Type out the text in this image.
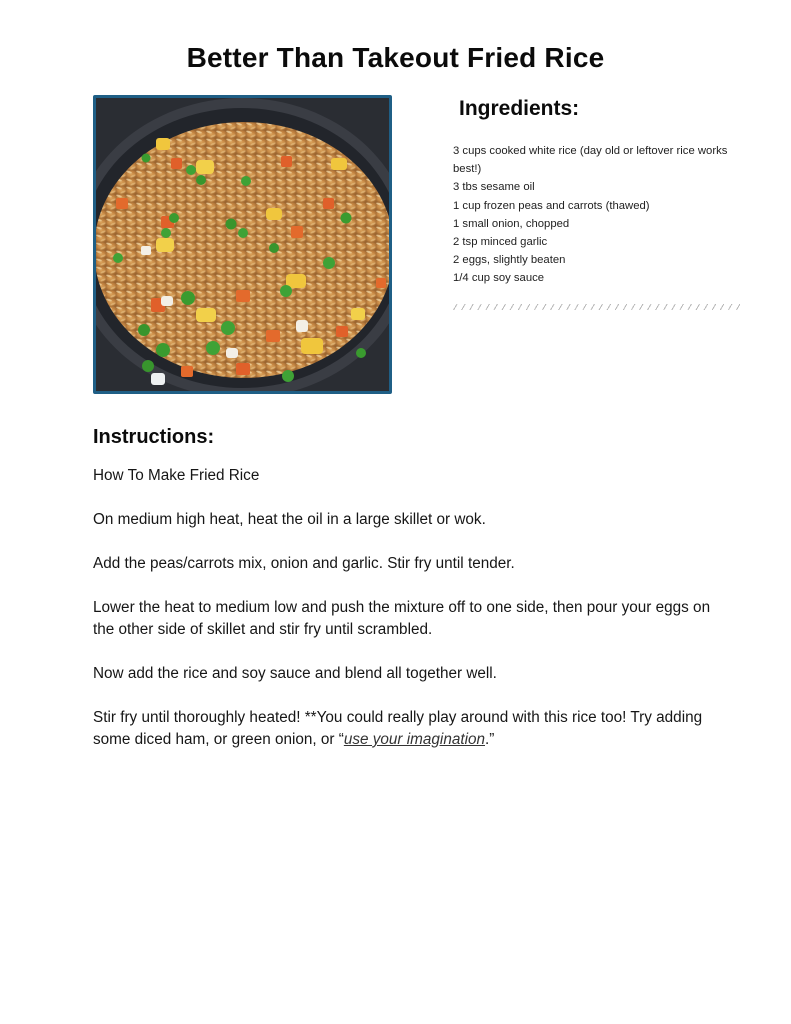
Better Than Takeout Fried Rice
Ingredients:
3 cups cooked white rice (day old or leftover rice works best!)
3 tbs sesame oil
1 cup frozen peas and carrots (thawed)
1 small onion, chopped
2 tsp minced garlic
2 eggs, slightly beaten
1/4 cup soy sauce
Instructions:

How To Make Fried Rice

On medium high heat, heat the oil in a large skillet or wok.

Add the peas/carrots mix, onion and garlic. Stir fry until tender.

Lower the heat to medium low and push the mixture off to one side, then pour your eggs on the other side of skillet and stir fry until scrambled.

Now add the rice and soy sauce and blend all together well.

Stir fry until thoroughly heated! **You could really play around with this rice too! Try adding some diced ham, or green onion, or “use your imagination.”
